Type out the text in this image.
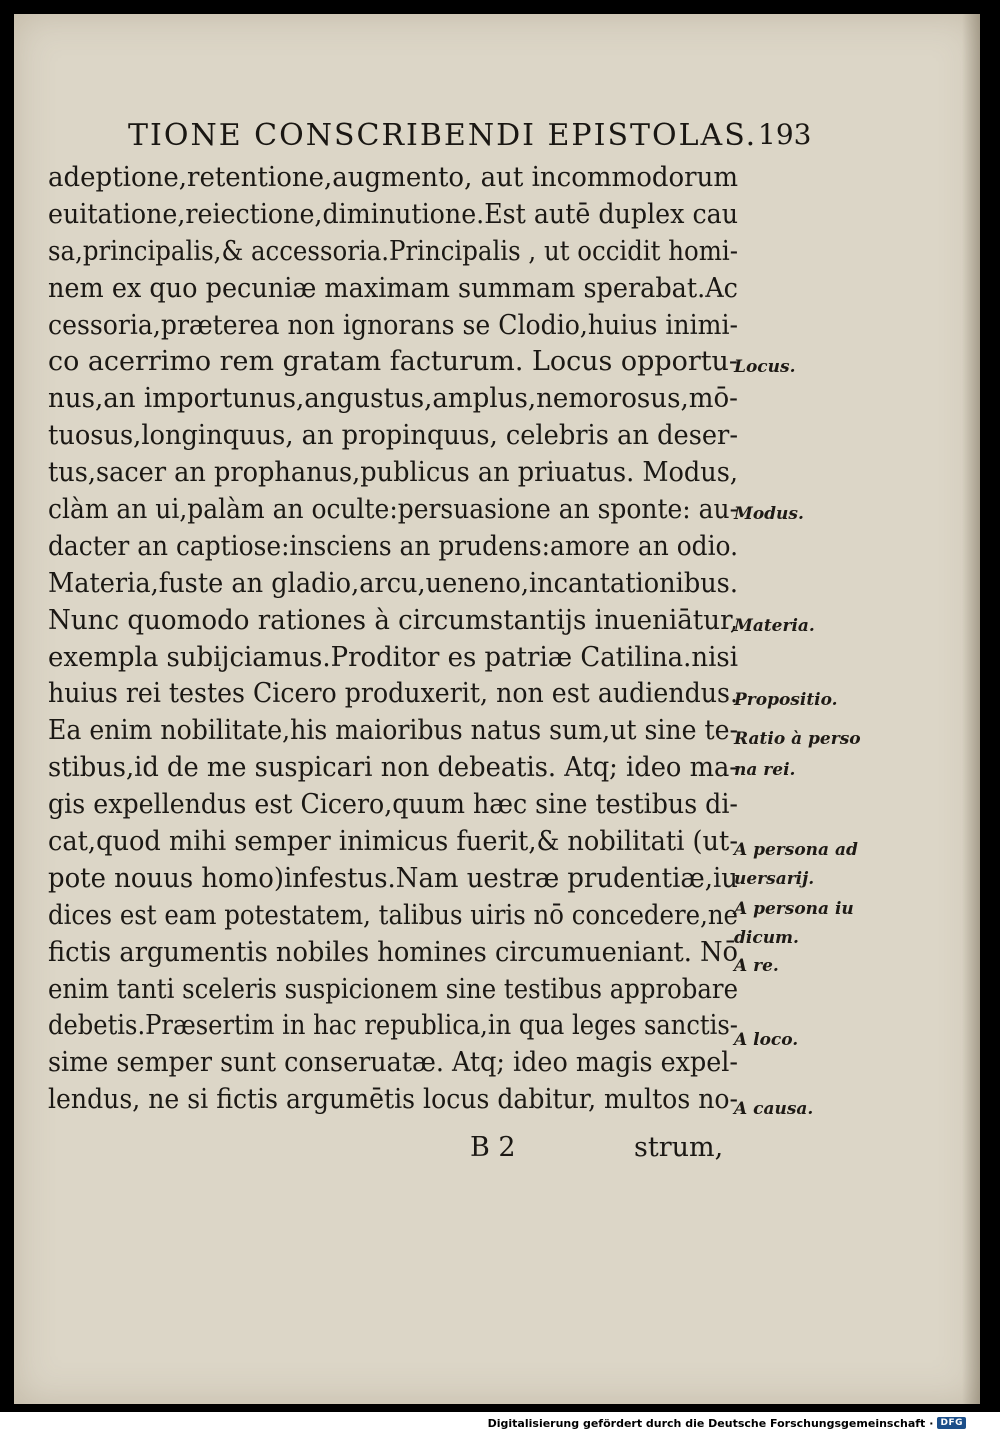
TIONE CONSCRIBENDI EPISTOLAS. 193
adeptione,retentione,augmento, aut incommodorum
euitatione,reiectione,diminutione.Est autē duplex cau
sa,principalis,& accessoria.Principalis , ut occidit homi-
nem ex quo pecuniæ maximam summam sperabat.Ac
cessoria,præterea non ignorans se Clodio,huius inimi-
co acerrimo rem gratam facturum. Locus opportu-
nus,an importunus,angustus,amplus,nemorosus,mō-
tuosus,longinquus, an propinquus, celebris an deser-
tus,sacer an prophanus,publicus an priuatus. Modus,
clàm an ui,palàm an oculte:persuasione an sponte: au-
dacter an captiose:insciens an prudens:amore an odio.
Materia,fuste an gladio,arcu,ueneno,incantationibus.
Nunc quomodo rationes à circumstantijs inueniātur,
exempla subijciamus.Proditor es patriæ Catilina.nisi
huius rei testes Cicero produxerit, non est audiendus.
Ea enim nobilitate,his maioribus natus sum,ut sine te-
stibus,id de me suspicari non debeatis. Atq; ideo ma-
gis expellendus est Cicero,quum hæc sine testibus di-
cat,quod mihi semper inimicus fuerit,& nobilitati (ut-
pote nouus homo)infestus.Nam uestræ prudentiæ,iu
dices est eam potestatem, talibus uiris nō concedere,ne
fictis argumentis nobiles homines circumueniant. Nō
enim tanti sceleris suspicionem sine testibus approbare
debetis.Præsertim in hac republica,in qua leges sanctis-
sime semper sunt conseruatæ. Atq; ideo magis expel-
lendus, ne si fictis argumētis locus dabitur, multos no-
Locus.
Modus.
Materia.
Propositio.
Ratio à perso
na rei.
A persona ad
uersarij.
A persona iu
dicum.
A re.
A loco.
A causa.
B 2	strum,
Digitalisierung gefördert durch die Deutsche Forschungsgemeinschaft · DFG
